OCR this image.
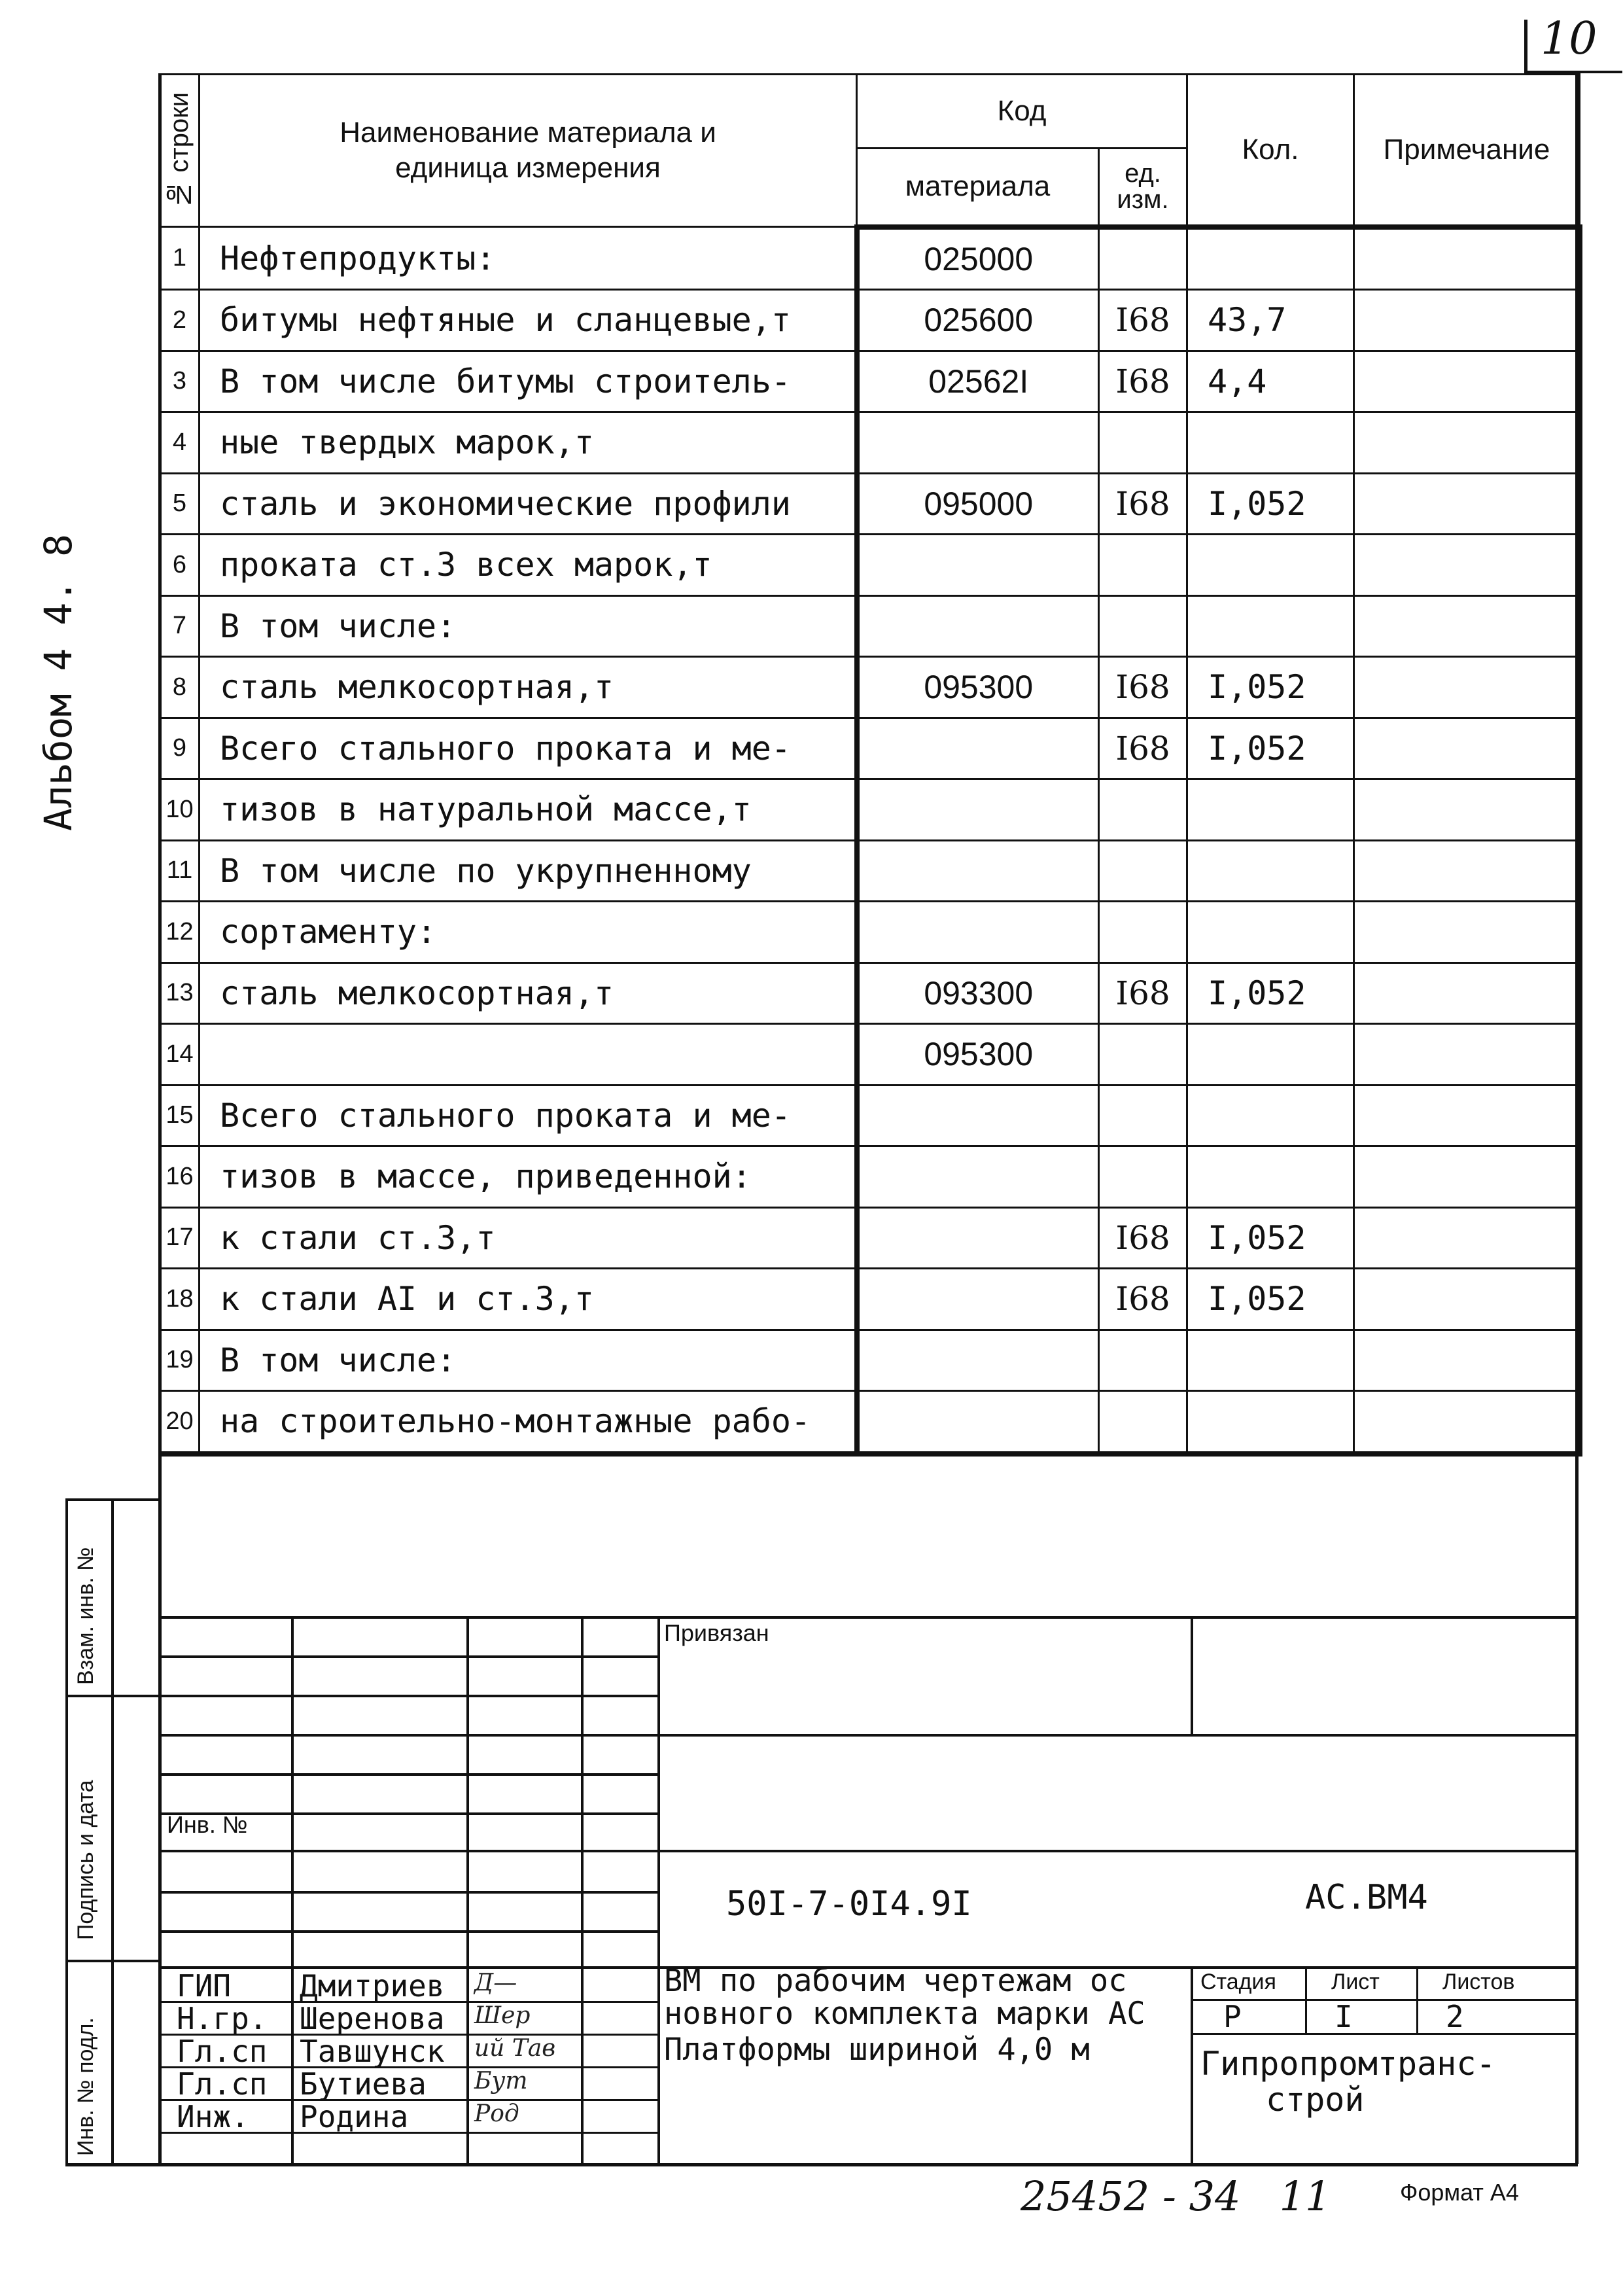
10
Альбом 4 4. 8
№ строки	Наименование материала и единица измерения	Код		Кол.	Примечание
		материала	ед. изм.		
1	Нефтепродукты:	025000			
2	битумы нефтяные и сланцевые,т	025600	I68	43,7	
3	В том числе битумы строитель-	02562I	I68	4,4	
4	ные твердых марок,т				
5	сталь и экономические профили	095000	I68	I,052	
6	проката ст.3 всех марок,т				
7	В том числе:				
8	сталь мелкосортная,т	095300	I68	I,052	
9	Всего стального проката и ме-		I68	I,052	
10	тизов в натуральной массе,т				
11	В том числе по укрупненному				
12	сортаменту:				
13	сталь мелкосортная,т	093300	I68	I,052	
14		095300			
15	Всего стального проката и ме-				
16	тизов в массе, приведенной:				
17	к стали ст.3,т		I68	I,052	
18	к стали АI и ст.3,т		I68	I,052	
19	В том числе:				
20	на строительно-монтажные рабо-				
Взам. инв. №
Подпись и дата
Инв. № подл.
Привязан
Инв. №
50I-7-0I4.9I	АС.ВМ4
ВМ по рабочим чертежам ос
новного комплекта марки АС
Платформы шириной 4,0 м
Стадия Лист	Листов
Р	I	2
Гипропромтранс-
строй
ГИП Дмитриев Д—
Н.гр. Шеренова Шер
Гл.сп Тавшунск ий Тав
Гл.сп Бутиева Бут
Инж. Родина	Род
25452 - 34   11	Формат А4
